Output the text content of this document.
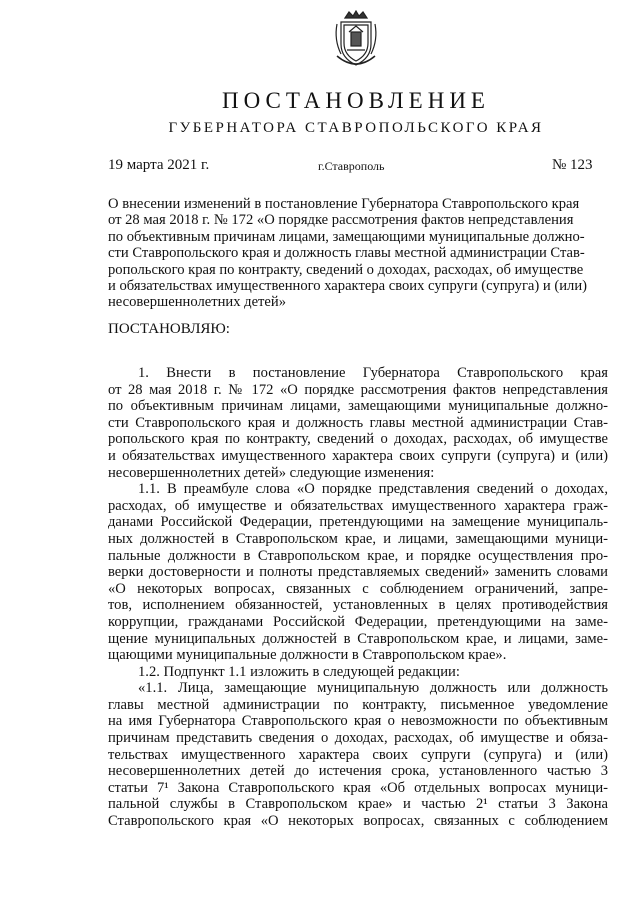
ПОСТАНОВЛЕНИЕ
ГУБЕРНАТОРА СТАВРОПОЛЬСКОГО КРАЯ
19 марта 2021 г.	г.Ставрополь	№ 123
О внесении изменений в постановление Губернатора Ставропольского края
от 28 мая 2018 г. № 172 «О порядке рассмотрения фактов непредставления
по объективным причинам лицами, замещающими муниципальные должно-
сти Ставропольского края и должность главы местной администрации Став-
ропольского края по контракту, сведений о доходах, расходах, об имуществе
и обязательствах имущественного характера своих супруги (супруга) и (или)
несовершеннолетних детей»
ПОСТАНОВЛЯЮ:
1. Внести в постановление Губернатора Ставропольского края
от 28 мая 2018 г. № 172 «О порядке рассмотрения фактов непредставления
по объективным причинам лицами, замещающими муниципальные должно-
сти Ставропольского края и должность главы местной администрации Став-
ропольского края по контракту, сведений о доходах, расходах, об имуществе
и обязательствах имущественного характера своих супруги (супруга) и (или)
несовершеннолетних детей» следующие изменения:
1.1. В преамбуле слова «О порядке представления сведений о доходах,
расходах, об имуществе и обязательствах имущественного характера граж-
данами Российской Федерации, претендующими на замещение муниципаль-
ных должностей в Ставропольском крае, и лицами, замещающими муници-
пальные должности в Ставропольском крае, и порядке осуществления про-
верки достоверности и полноты представляемых сведений» заменить словами
«О некоторых вопросах, связанных с соблюдением ограничений, запре-
тов, исполнением обязанностей, установленных в целях противодействия
коррупции, гражданами Российской Федерации, претендующими на заме-
щение муниципальных должностей в Ставропольском крае, и лицами, заме-
щающими муниципальные должности в Ставропольском крае».
1.2. Подпункт 1.1 изложить в следующей редакции:
«1.1. Лица, замещающие муниципальную должность или должность
главы местной администрации по контракту, письменное уведомление
на имя Губернатора Ставропольского края о невозможности по объективным
причинам представить сведения о доходах, расходах, об имуществе и обяза-
тельствах имущественного характера своих супруги (супруга) и (или)
несовершеннолетних детей до истечения срока, установленного частью 3
статьи 7¹ Закона Ставропольского края «Об отдельных вопросах муници-
пальной службы в Ставропольском крае» и частью 2¹ статьи 3 Закона
Ставропольского края «О некоторых вопросах, связанных с соблюдением
